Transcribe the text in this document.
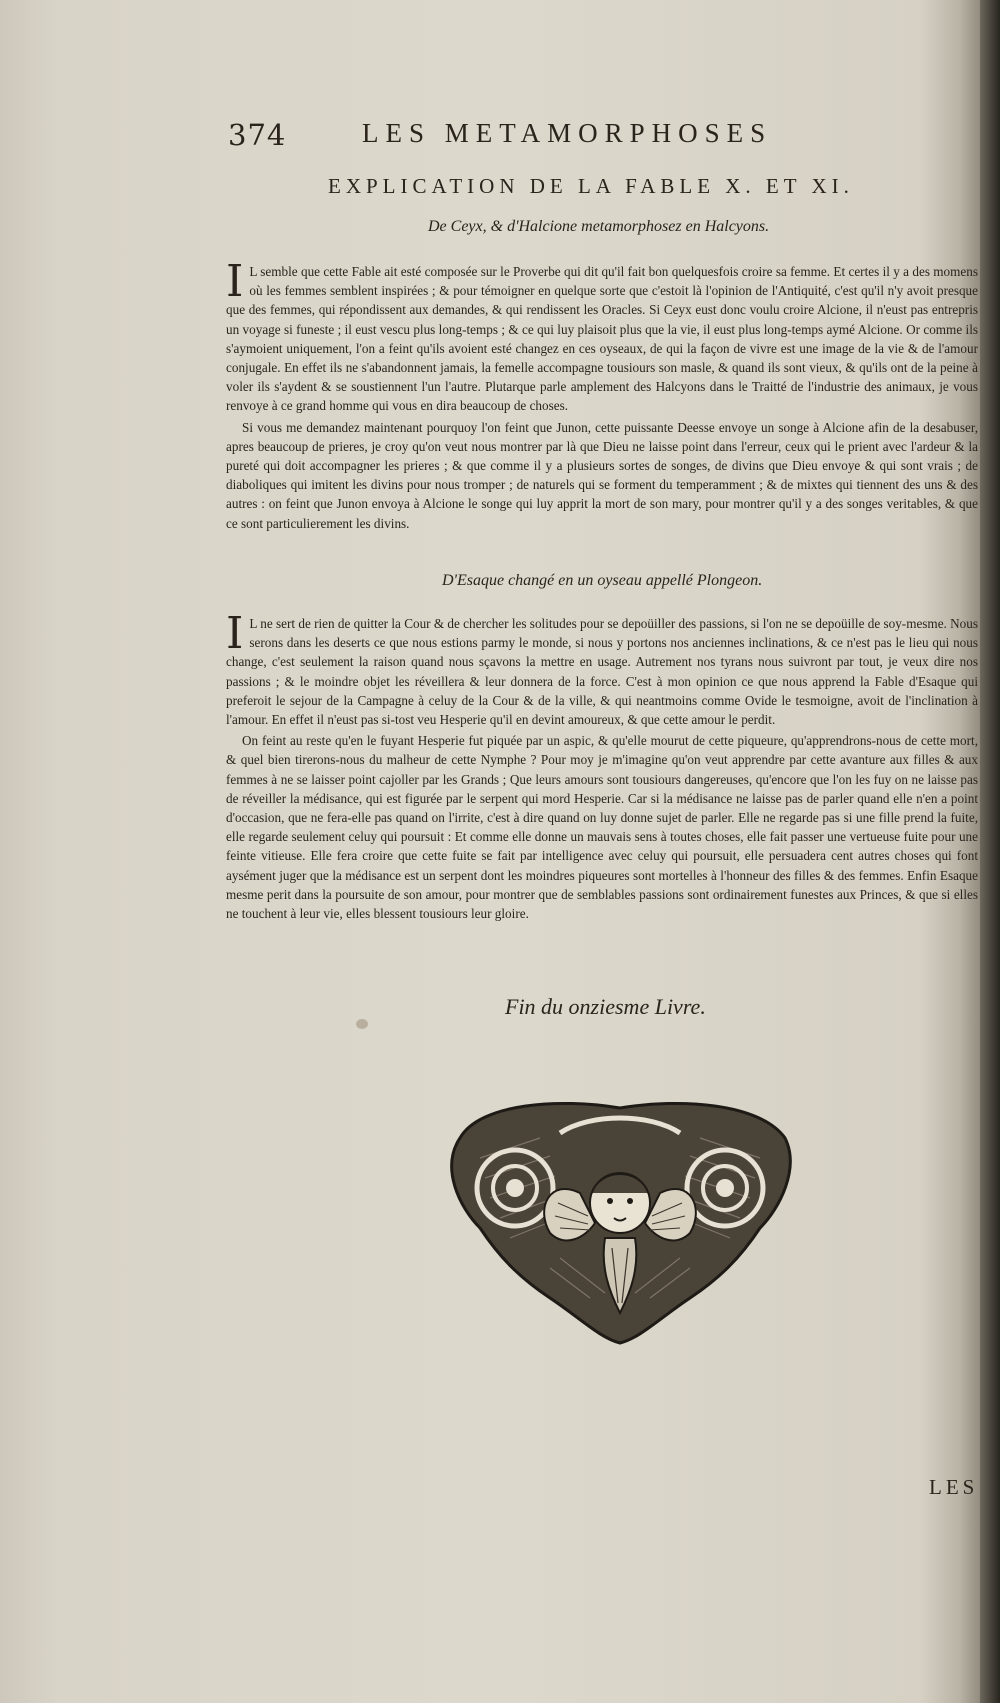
374	LES METAMORPHOSES
EXPLICATION DE LA FABLE X. ET XI.
De Ceyx, & d'Halcione metamorphosez en Halcyons.

I L semble que cette Fable ait esté composée sur le Proverbe qui dit qu'il fait bon quelquesfois croire sa femme. Et certes il y a des momens où les femmes semblent inspirées ; & pour témoigner en quelque sorte que c'estoit là l'opinion de l'Antiquité, c'est qu'il n'y avoit presque que des femmes, qui répondissent aux demandes, & qui rendissent les Oracles. Si Ceyx eust donc voulu croire Alcione, il n'eust pas entrepris un voyage si funeste ; il eust vescu plus long-temps ; & ce qui luy plaisoit plus que la vie, il eust plus long-temps aymé Alcione. Or comme ils s'aymoient uniquement, l'on a feint qu'ils avoient esté changez en ces oyseaux, de qui la façon de vivre est une image de la vie & de l'amour conjugale. En effet ils ne s'abandonnent jamais, la femelle accompagne tousiours son masle, & quand ils sont vieux, & qu'ils ont de la peine à voler ils s'aydent & se soustiennent l'un l'autre. Plutarque parle amplement des Halcyons dans le Traitté de l'industrie des animaux, je vous renvoye à ce grand homme qui vous en dira beaucoup de choses.

Si vous me demandez maintenant pourquoy l'on feint que Junon, cette puissante Deesse envoye un songe à Alcione afin de la desabuser, apres beaucoup de prieres, je croy qu'on veut nous montrer par là que Dieu ne laisse point dans l'erreur, ceux qui le prient avec l'ardeur & la pureté qui doit accompagner les prieres ; & que comme il y a plusieurs sortes de songes, de divins que Dieu envoye & qui sont vrais ; de diaboliques qui imitent les divins pour nous tromper ; de naturels qui se forment du temperamment ; & de mixtes qui tiennent des uns & des autres : on feint que Junon envoya à Alcione le songe qui luy apprit la mort de son mary, pour montrer qu'il y a des songes veritables, & que ce sont particulierement les divins.

D'Esaque changé en un oyseau appellé Plongeon.

I L ne sert de rien de quitter la Cour & de chercher les solitudes pour se depoüiller des passions, si l'on ne se depoüille de soy-mesme. Nous serons dans les deserts ce que nous estions parmy le monde, si nous y portons nos anciennes inclinations, & ce n'est pas le lieu qui nous change, c'est seulement la raison quand nous sçavons la mettre en usage. Autrement nos tyrans nous suivront par tout, je veux dire nos passions ; & le moindre objet les réveillera & leur donnera de la force. C'est à mon opinion ce que nous apprend la Fable d'Esaque qui preferoit le sejour de la Campagne à celuy de la Cour & de la ville, & qui neantmoins comme Ovide le tesmoigne, avoit de l'inclination à l'amour. En effet il n'eust pas si-tost veu Hesperie qu'il en devint amoureux, & que cette amour le perdit.

On feint au reste qu'en le fuyant Hesperie fut piquée par un aspic, & qu'elle mourut de cette piqueure, qu'apprendrons-nous de cette mort, & quel bien tirerons-nous du malheur de cette Nymphe ? Pour moy je m'imagine qu'on veut apprendre par cette avanture aux filles & aux femmes à ne se laisser point cajoller par les Grands ; Que leurs amours sont tousiours dangereuses, qu'encore que l'on les fuy on ne laisse pas de réveiller la médisance, qui est figurée par le serpent qui mord Hesperie. Car si la médisance ne laisse pas de parler quand elle n'en a point d'occasion, que ne fera-elle pas quand on l'irrite, c'est à dire quand on luy donne sujet de parler. Elle ne regarde pas si une fille prend la fuite, elle regarde seulement celuy qui poursuit : Et comme elle donne un mauvais sens à toutes choses, elle fait passer une vertueuse fuite pour une feinte vitieuse. Elle fera croire que cette fuite se fait par intelligence avec celuy qui poursuit, elle persuadera cent autres choses qui font aysément juger que la médisance est un serpent dont les moindres piqueures sont mortelles à l'honneur des filles & des femmes. Enfin Esaque mesme perit dans la poursuite de son amour, pour montrer que de semblables passions sont ordinairement funestes aux Princes, & que si elles ne touchent à leur vie, elles blessent tousiours leur gloire.

Fin du onziesme Livre.
LES
